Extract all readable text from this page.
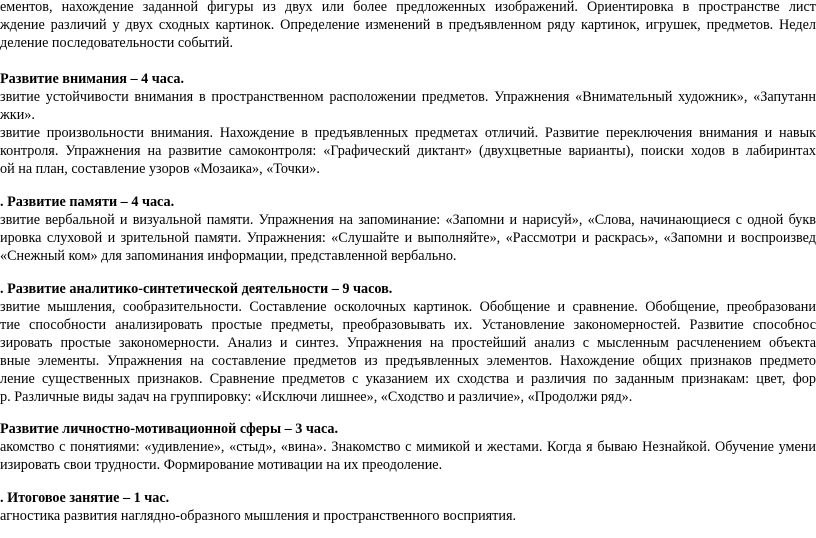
ементов, нахождение заданной фигуры из двух или более предложенных изображений. Ориентировка в пространстве лист
ждение различий у двух сходных картинок. Определение изменений в предъявленном ряду картинок, игрушек, предметов. Недел
деление последовательности событий.
Развитие внимания – 4 часа.
звитие устойчивости внимания в пространственном расположении предметов. Упражнения «Внимательный художник», «Запутанн
жки».
звитие произвольности внимания. Нахождение в предъявленных предметах отличий. Развитие переключения внимания и навык
контроля. Упражнения на развитие самоконтроля: «Графический диктант» (двухцветные варианты), поиски ходов в лабиринтах
ой на план, составление узоров «Мозаика», «Точки».
. Развитие памяти – 4 часа.
звитие вербальной и визуальной памяти. Упражнения на запоминание: «Запомни и нарисуй», «Слова, начинающиеся с одной букв
ировка слуховой и зрительной памяти. Упражнения: «Слушайте и выполняйте», «Рассмотри и раскрась», «Запомни и воспроизвед
«Снежный ком» для запоминания информации, представленной вербально.
. Развитие аналитико-синтетической деятельности – 9 часов.
звитие мышления, сообразительности. Составление осколочных картинок. Обобщение и сравнение. Обобщение, преобразовани
тие способности анализировать простые предметы, преобразовывать их. Установление закономерностей. Развитие способнос
зировать простые закономерности. Анализ и синтез. Упражнения на простейший анализ с мысленным расчленением объекта
вные элементы. Упражнения на составление предметов из предъявленных элементов. Нахождение общих признаков предмето
ление существенных признаков. Сравнение предметов с указанием их сходства и различия по заданным признакам: цвет, фор
р. Различные виды задач на группировку: «Исключи лишнее», «Сходство и различие», «Продолжи ряд».
Развитие личностно-мотивационной сферы – 3 часа.
акомство с понятиями: «удивление», «стыд», «вина». Знакомство с мимикой и жестами. Когда я бываю Незнайкой. Обучение умени
изировать свои трудности. Формирование мотивации на их преодоление.
. Итоговое занятие – 1 час.
агностика развития наглядно-образного мышления и пространственного восприятия.
